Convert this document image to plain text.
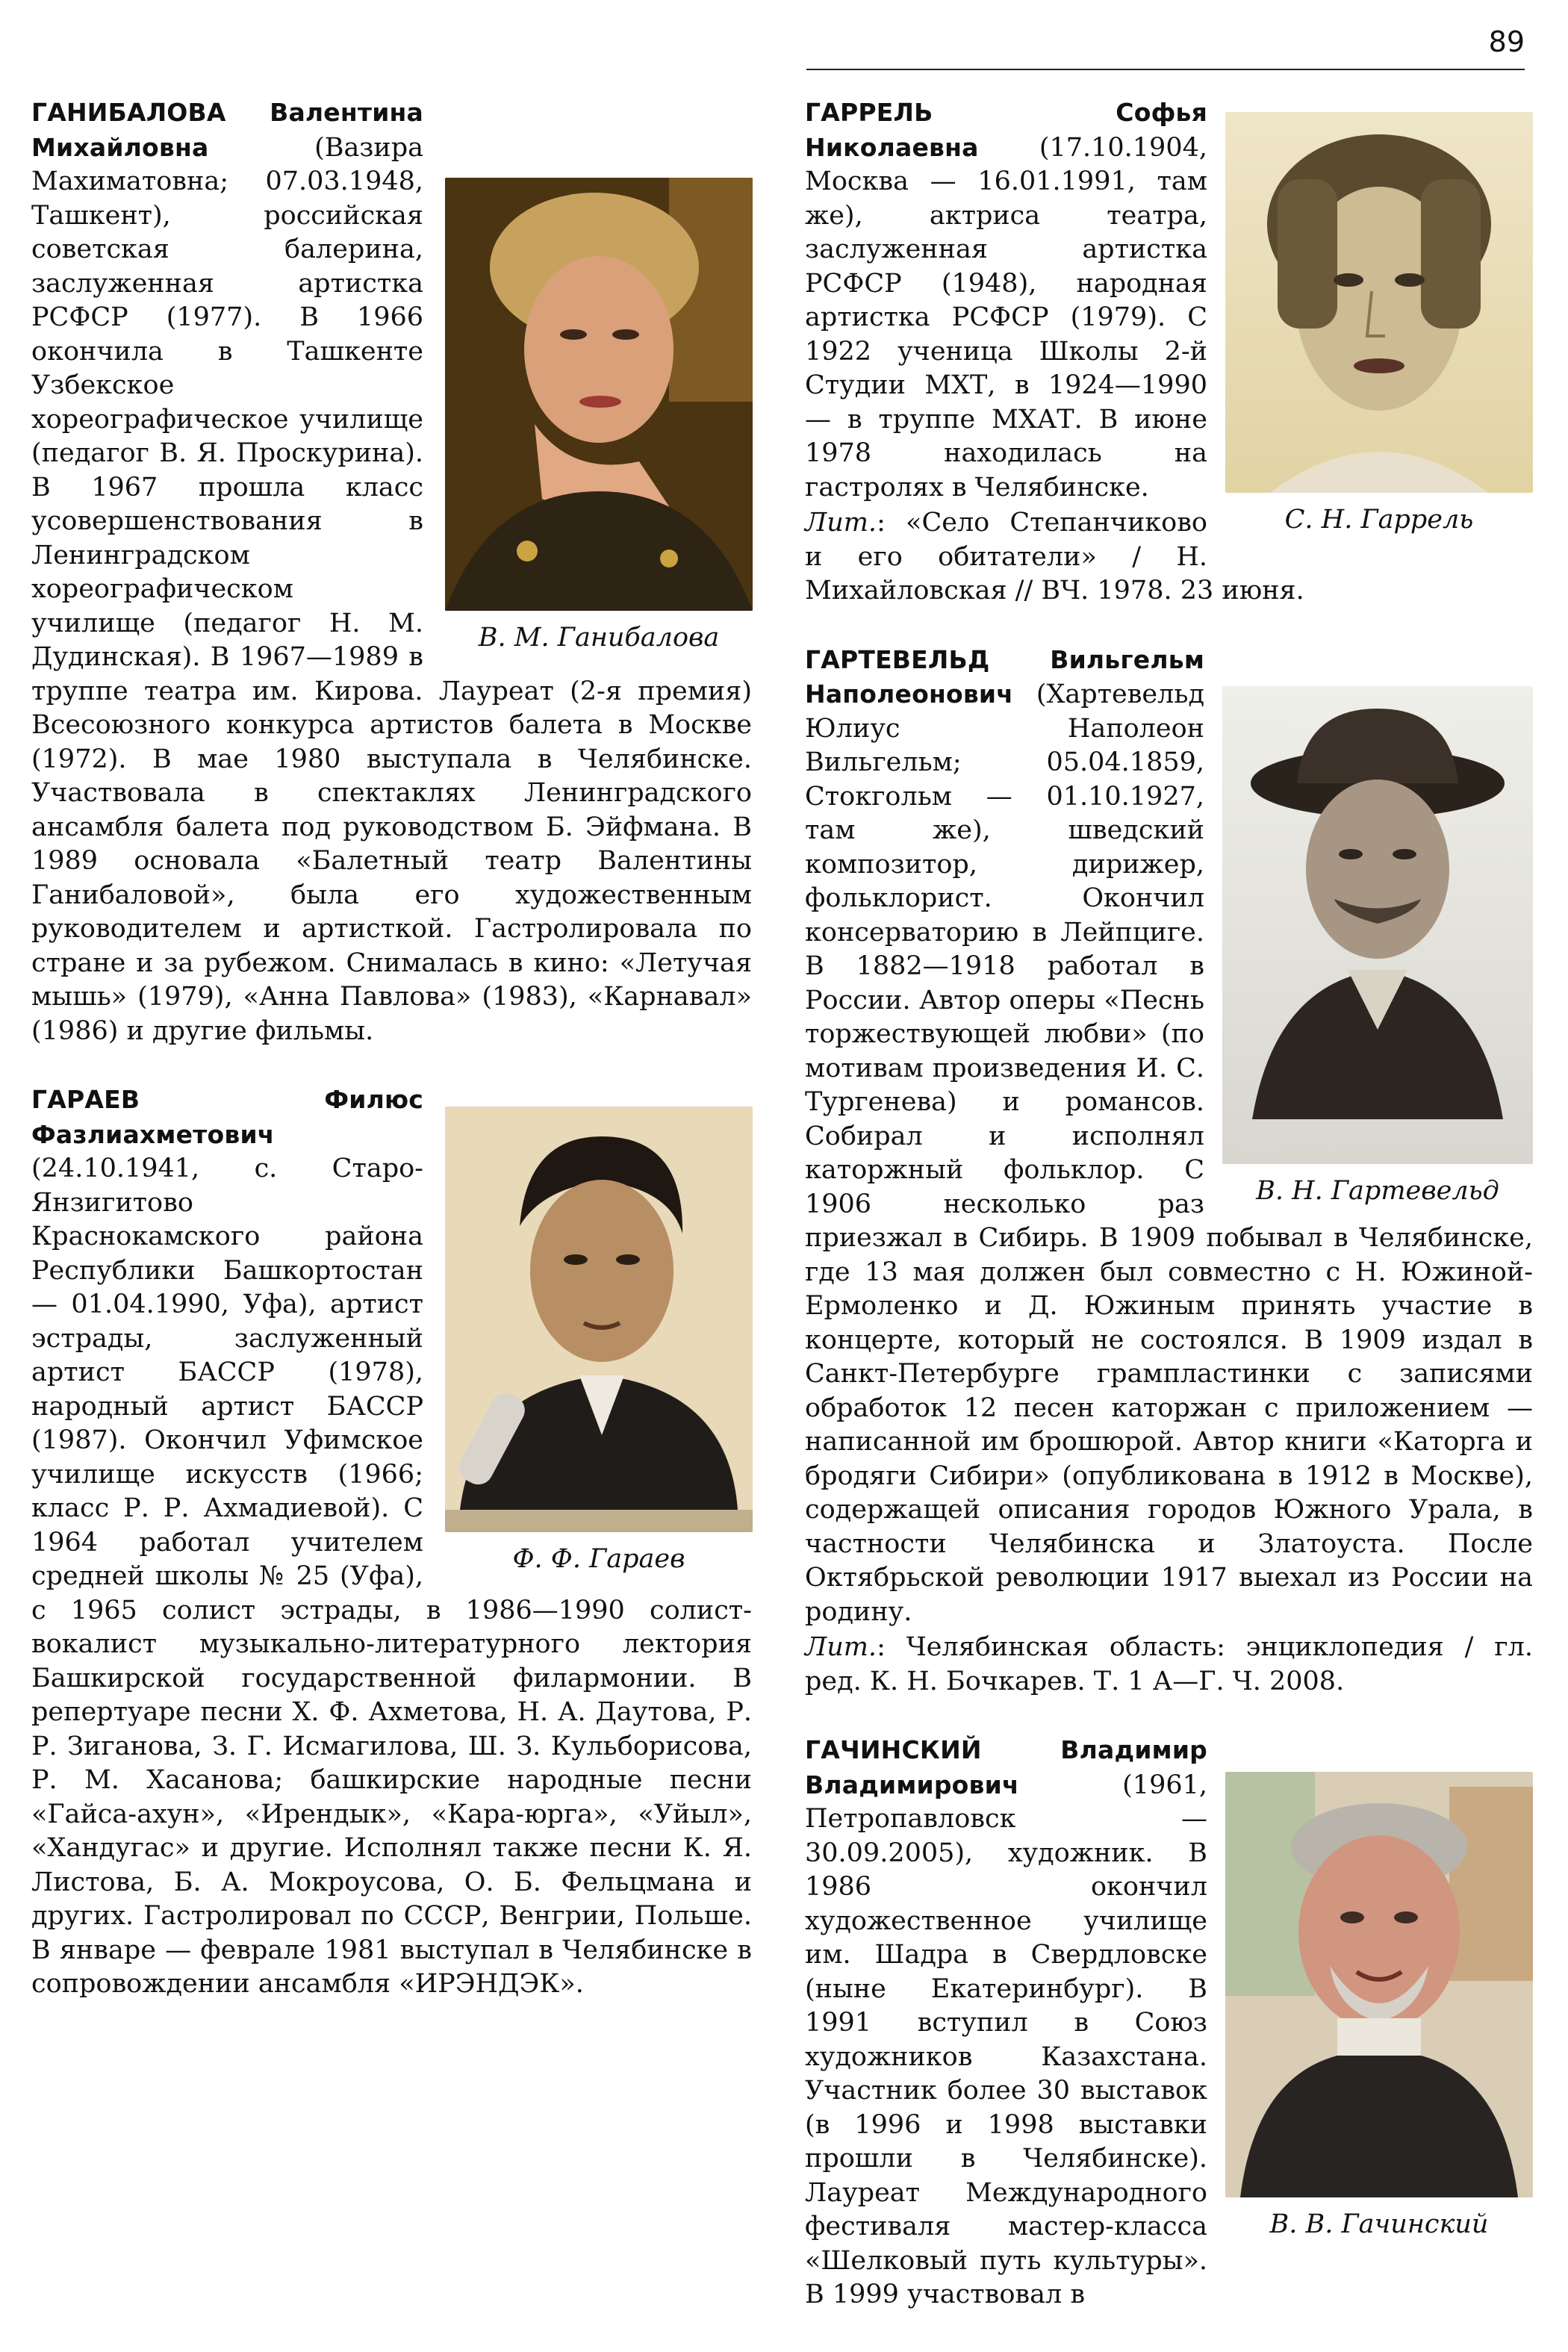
89

ГАНИБАЛОВА Валентина Михайловна (Вазира Махиматовна; 07.03.1948, Ташкент), российская советская балерина, заслуженная артистка РСФСР (1977). В 1966 окончила в Ташкенте Узбекское хореографическое училище (педагог В. Я. Проскурина). В 1967 прошла класс усовершенствования в Ленинградском хореографическом училище (педагог Н. М. Дудинская). В 1967—1989 в труппе театра им. Кирова. Лауреат (2-я премия) Всесоюзного конкурса артистов балета в Москве (1972). В мае 1980 выступала в Челябинске. Участвовала в спектаклях Ленинградского ансамбля балета под руководством Б. Эйфмана. В 1989 основала «Балетный театр Валентины Ганибаловой», была его художественным руководителем и артисткой. Гастролировала по стране и за рубежом. Снималась в кино: «Летучая мышь» (1979), «Анна Павлова» (1983), «Карнавал» (1986) и другие фильмы.

ГАРАЕВ Филюс Фазлиахметович (24.10.1941, с. Старо-Янзигитово Краснокамского района Республики Башкортостан — 01.04.1990, Уфа), артист эстрады, заслуженный артист БАССР (1978), народный артист БАССР (1987). Окончил Уфимское училище искусств (1966; класс Р. Р. Ахмадиевой). С 1964 работал учителем средней школы № 25 (Уфа), с 1965 солист эстрады, в 1986—1990 солист-вокалист музыкально-литературного лектория Башкирской государственной филармонии. В репертуаре песни Х. Ф. Ахметова, Н. А. Даутова, Р. Р. Зиганова, З. Г. Исмагилова, Ш. З. Кульборисова, Р. М. Хасанова; башкирские народные песни «Гайса-ахун», «Ирендык», «Кара-юрга», «Уйыл», «Хандугас» и другие. Исполнял также песни К. Я. Листова, Б. А. Мокроусова, О. Б. Фельцмана и других. Гастролировал по СССР, Венгрии, Польше. В январе — феврале 1981 выступал в Челябинске в сопровождении ансамбля «ИРЭНДЭК».

С. Н. Гаррель

ГАРРЕЛЬ Софья Николаевна (17.10.1904, Москва — 16.01.1991, там же), актриса театра, заслуженная артистка РСФСР (1948), народная артистка РСФСР (1979). С 1922 ученица Школы 2-й Студии МХТ, в 1924—1990 — в труппе МХАТ. В июне 1978 находилась на гастролях в Челябинске.

Лит.: «Село Степанчиково и его обитатели» / Н. Михайловская // ВЧ. 1978. 23 июня.

В. Н. Гартевельд

ГАРТЕВЕЛЬД Вильгельм Наполеонович (Хартевельд Юлиус Наполеон Вильгельм; 05.04.1859, Стокгольм — 01.10.1927, там же), шведский композитор, дирижер, фольклорист. Окончил консерваторию в Лейпциге. В 1882—1918 работал в России. Автор оперы «Песнь торжествующей любви» (по мотивам произведения И. С. Тургенева) и романсов. Собирал и исполнял каторжный фольклор. С 1906 несколько раз приезжал в Сибирь. В 1909 побывал в Челябинске, где 13 мая должен был совместно с Н. Южиной-Ермоленко и Д. Южиным принять участие в концерте, который не состоялся. В 1909 издал в Санкт-Петербурге грампластинки с записями обработок 12 песен каторжан с приложением — написанной им брошюрой. Автор книги «Каторга и бродяги Сибири» (опубликована в 1912 в Москве), содержащей описания городов Южного Урала, в частности Челябинска и Златоуста. После Октябрьской революции 1917 выехал из России на родину.

Лит.: Челябинская область: энциклопедия / гл. ред. К. Н. Бочкарев. Т. 1 А—Г. Ч. 2008.

В. В. Гачинский

ГАЧИНСКИЙ Владимир Владимирович (1961, Петропавловск — 30.09.2005), художник. В 1986 окончил художественное училище им. Шадра в Свердловске (ныне Екатеринбург). В 1991 вступил в Союз художников Казахстана. Участник более 30 выставок (в 1996 и 1998 выставки прошли в Челябинске). Лауреат Международного фестиваля мастер-класса «Шелковый путь культуры». В 1999 участвовал в

В. М. Ганибалова
Ф. Ф. Гараев
